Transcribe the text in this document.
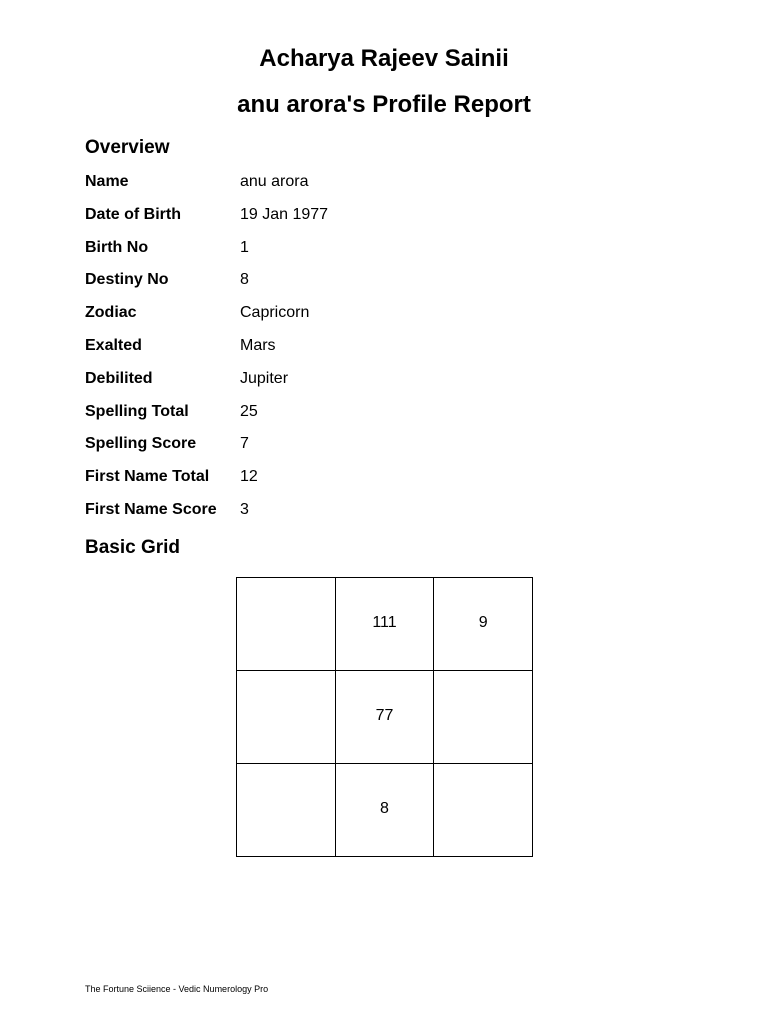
Acharya Rajeev Sainii
anu arora's Profile Report
Overview
Name	anu arora
Date of Birth	19 Jan 1977
Birth No	1
Destiny No	8
Zodiac	Capricorn
Exalted	Mars
Debilited	Jupiter
Spelling Total	25
Spelling Score	7
First Name Total	12
First Name Score	3
Basic Grid
	111	9
	77	
	8	
The Fortune Sciience - Vedic Numerology Pro
